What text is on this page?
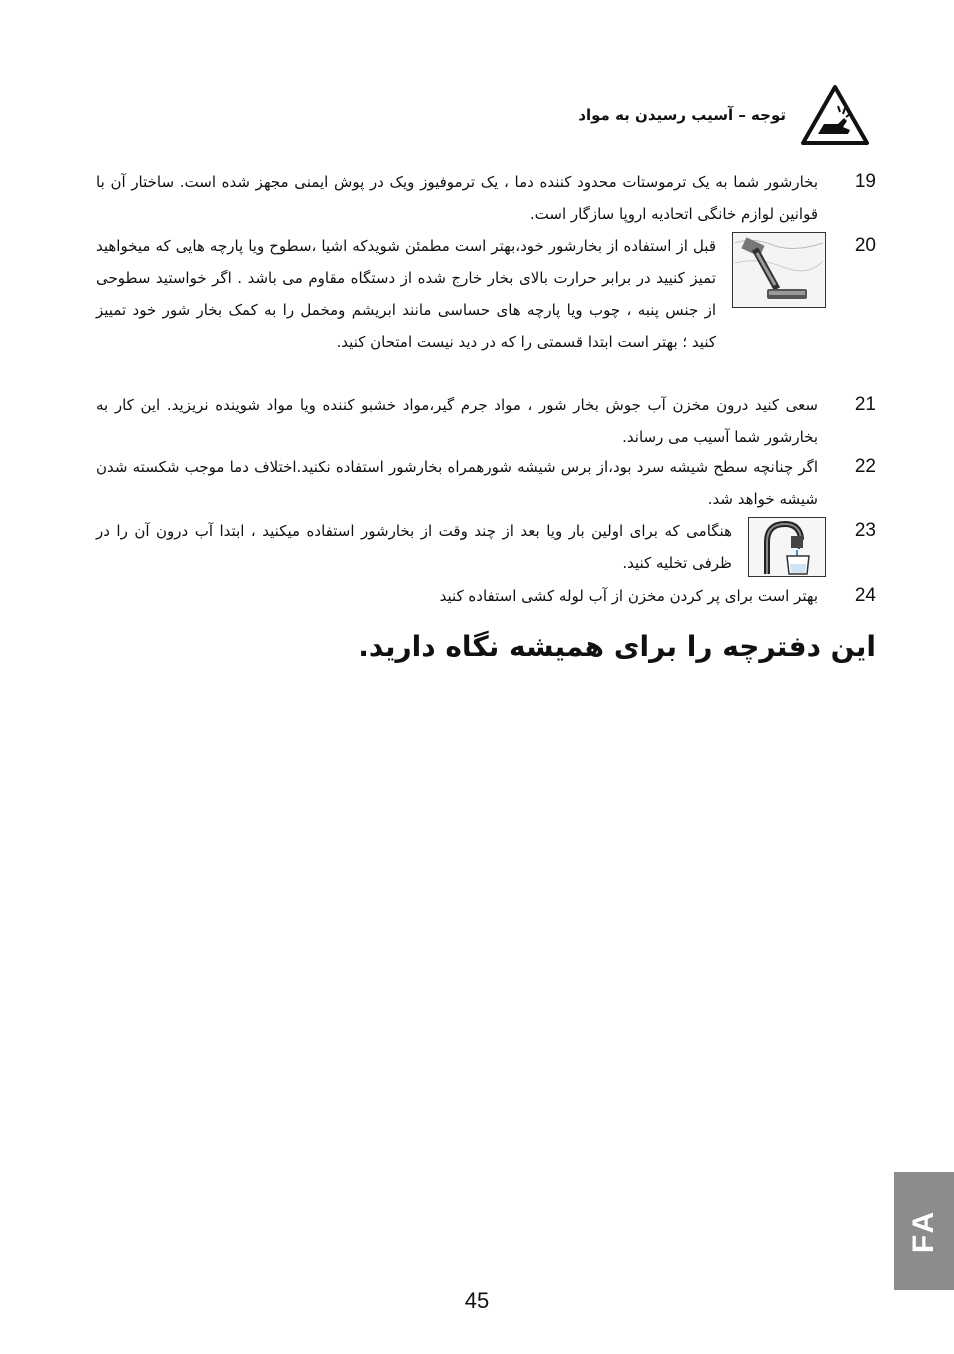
توجه – آسیب رسیدن به مواد
19
بخارشور شما به یک ترموستات محدود کننده دما ، یک ترموفیوز ویک در پوش ایمنی مجهز شده است. ساختار آن با قوانین لوازم خانگی اتحادیه اروپا سازگار است.
20
قبل از استفاده از بخارشور خود،بهتر است مطمئن شویدکه اشیا ،سطوح ویا پارچه هایی که میخواهید تمیز کنیید در برابر حرارت بالای بخار خارج شده از دستگاه مقاوم می باشد . اگر خواستید سطوحی از جنس پنبه ، چوب ویا پارچه های حساسی مانند ابریشم ومخمل را به کمک بخار شور خود تمییز کنید ؛ بهتر است ابتدا قسمتی را که در دید نیست امتحان کنید.
21
سعی کنید درون مخزن آب جوش بخار شور ، مواد جرم گیر،مواد خشبو کننده ویا مواد شوینده نریزید. این کار به بخارشور شما آسیب می رساند.
22
اگر چنانچه سطح شیشه سرد بود،از برس شیشه شورهمراه بخارشور استفاده نکنید.اختلاف دما موجب شکسته شدن شیشه خواهد شد.
23
هنگامی که برای اولین بار ویا بعد از چند وقت از بخارشور استفاده میکنید ، ابتدا آب درون آن را در ظرفی تخلیه کنید.
24
بهتر است برای پر کردن مخزن از آب لوله کشی استفاده کنید
این دفترچه را برای همیشه نگاه دارید.
FA
45
